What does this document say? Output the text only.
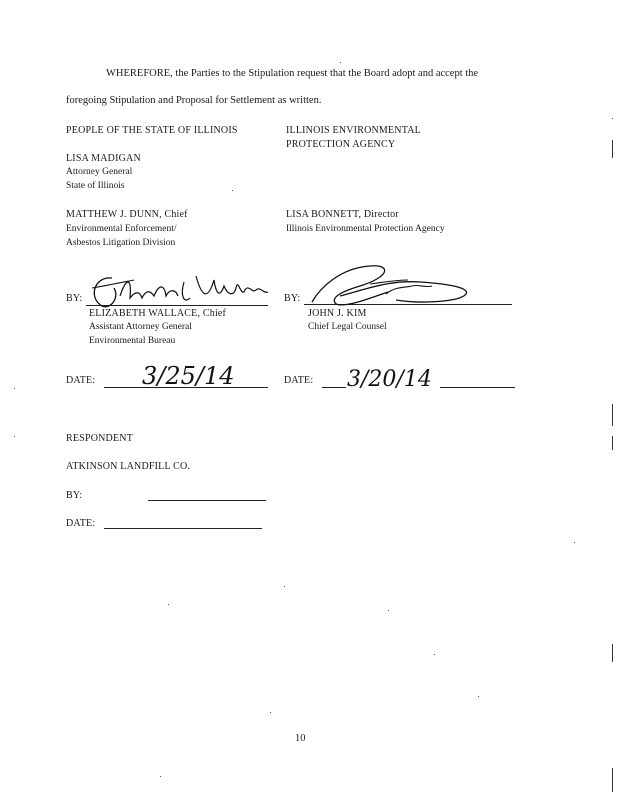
WHEREFORE, the Parties to the Stipulation request that the Board adopt and accept the
foregoing Stipulation and Proposal for Settlement as written.
PEOPLE OF THE STATE OF ILLINOIS
LISA MADIGAN
Attorney General
State of Illinois
MATTHEW J. DUNN, Chief
Environmental Enforcement/
Asbestos Litigation Division
ILLINOIS ENVIRONMENTAL
PROTECTION AGENCY
LISA BONNETT, Director
Illinois Environmental Protection Agency
BY:
ELIZABETH WALLACE, Chief
Assistant Attorney General
Environmental Bureau
BY:
JOHN J. KIM
Chief Legal Counsel
DATE: 3/25/14	DATE: 3/20/14
RESPONDENT
ATKINSON LANDFILL CO.
BY:
DATE:
10
